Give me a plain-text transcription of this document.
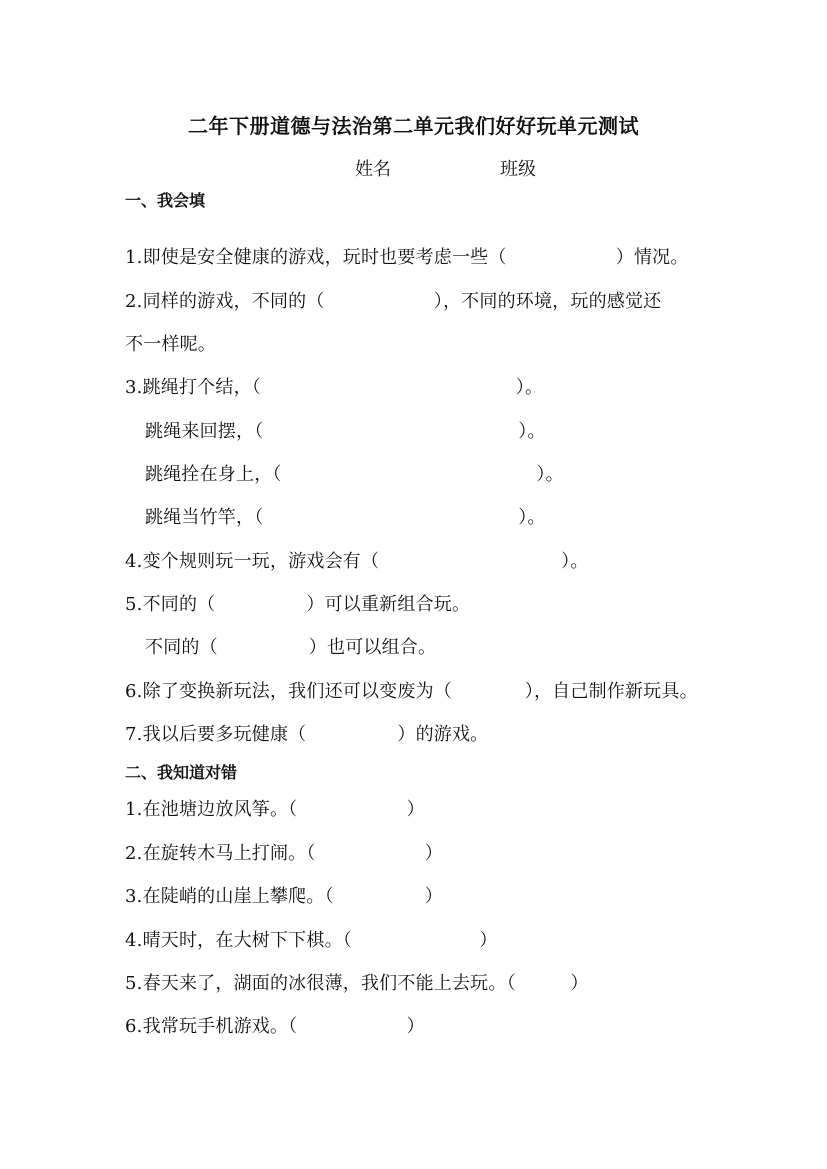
二年下册道德与法治第二单元我们好好玩单元测试
姓名	班级
一、我会填
1.即使是安全健康的游戏，玩时也要考虑一些（　　　　　　）情况。
2.同样的游戏，不同的（　　　　　　），不同的环境，玩的感觉还
不一样呢。
3.跳绳打个结，（　　　　　　　　　　　　　　）。
跳绳来回摆，（　　　　　　　　　　　　　　）。
跳绳拴在身上，（　　　　　　　　　　　　　　）。
跳绳当竹竿，（　　　　　　　　　　　　　　）。
4.变个规则玩一玩，游戏会有（　　　　　　　　　　）。
5.不同的（　　　　　）可以重新组合玩。
不同的（　　　　　）也可以组合。
6.除了变换新玩法，我们还可以变废为（　　　　），自己制作新玩具。
7.我以后要多玩健康（　　　　　）的游戏。
二、我知道对错
1.在池塘边放风筝。（　　　　　　）
2.在旋转木马上打闹。（　　　　　　）
3.在陡峭的山崖上攀爬。（　　　　　）
4.晴天时，在大树下下棋。（　　　　　　　）
5.春天来了，湖面的冰很薄，我们不能上去玩。（　　　）
6.我常玩手机游戏。（　　　　　　）
